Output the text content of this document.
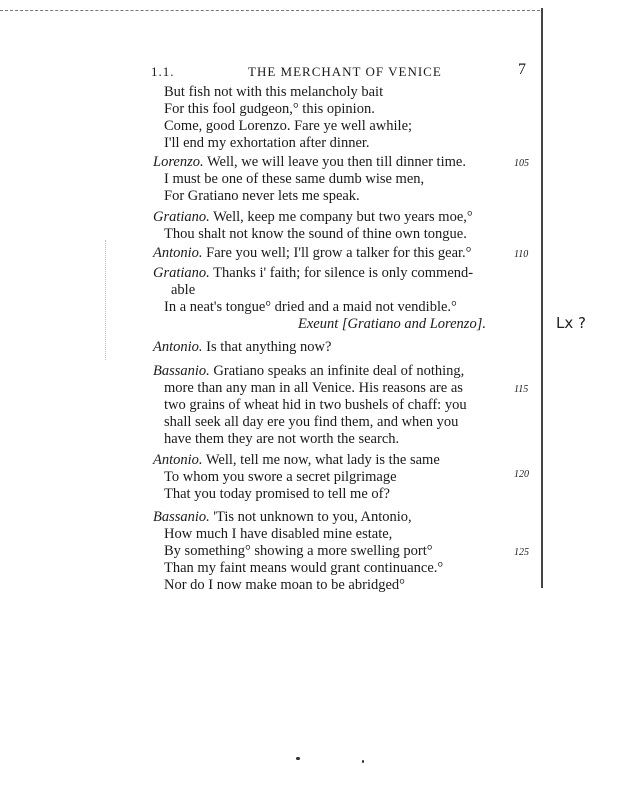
1.1.	THE MERCHANT OF VENICE	7
But fish not with this melancholy bait
For this fool gudgeon,° this opinion.
Come, good Lorenzo. Fare ye well awhile;
I'll end my exhortation after dinner.
Lorenzo. Well, we will leave you then till dinner time.
I must be one of these same dumb wise men,
For Gratiano never lets me speak.
Gratiano. Well, keep me company but two years moe,°
Thou shalt not know the sound of thine own tongue.
Antonio. Fare you well; I'll grow a talker for this gear.°
Gratiano. Thanks i' faith; for silence is only commend-
able
In a neat's tongue° dried and a maid not vendible.°
Exeunt [Gratiano and Lorenzo].
Antonio. Is that anything now?
Bassanio. Gratiano speaks an infinite deal of nothing,
more than any man in all Venice. His reasons are as
two grains of wheat hid in two bushels of chaff: you
shall seek all day ere you find them, and when you
have them they are not worth the search.
Antonio. Well, tell me now, what lady is the same
To whom you swore a secret pilgrimage
That you today promised to tell me of?
Bassanio. 'Tis not unknown to you, Antonio,
How much I have disabled mine estate,
By something° showing a more swelling port°
Than my faint means would grant continuance.°
Nor do I now make moan to be abridged°
105
110
115
120
125
Lx ?
